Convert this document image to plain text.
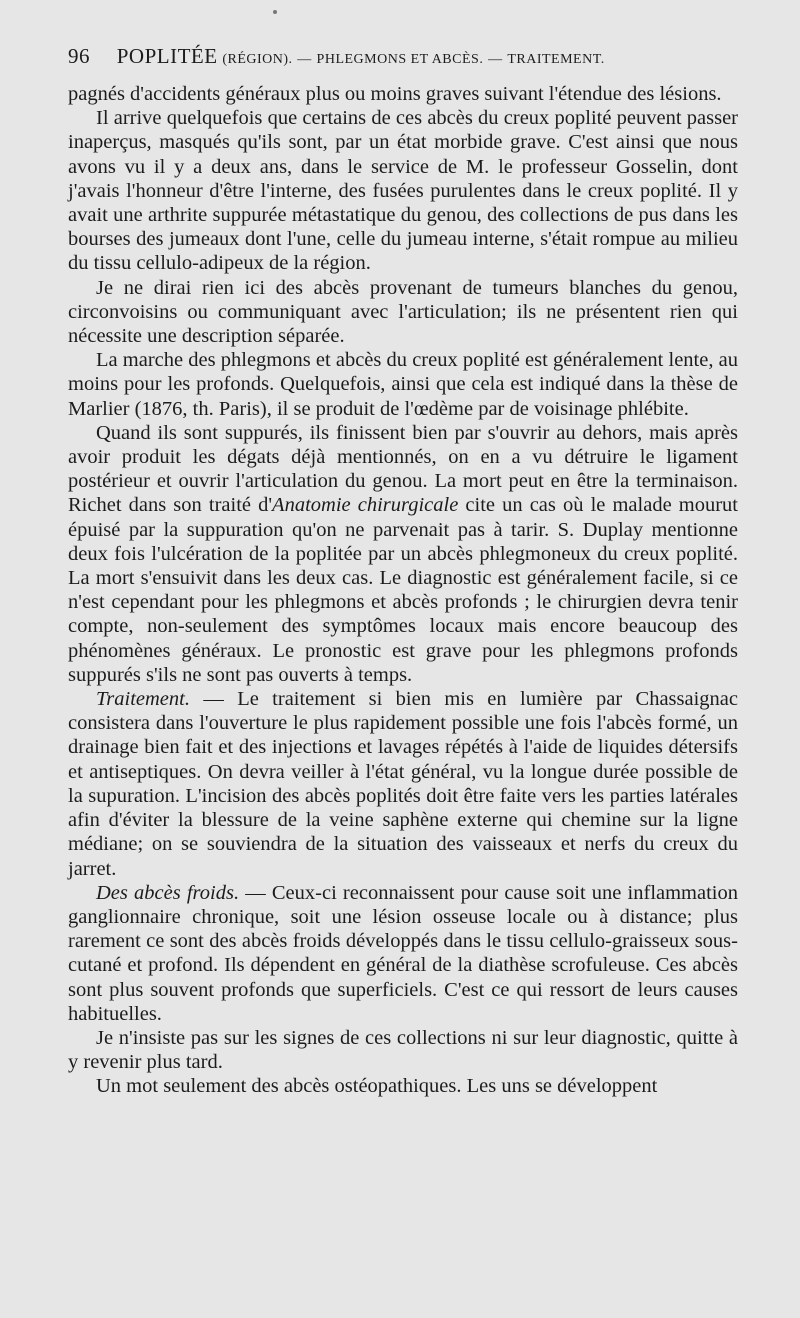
96 POPLITÉE (RÉGION). — PHLEGMONS ET ABCÈS. — TRAITEMENT.

pagnés d'accidents généraux plus ou moins graves suivant l'étendue des lésions.

Il arrive quelquefois que certains de ces abcès du creux poplité peuvent passer inaperçus, masqués qu'ils sont, par un état morbide grave. C'est ainsi que nous avons vu il y a deux ans, dans le service de M. le professeur Gosselin, dont j'avais l'honneur d'être l'interne, des fusées purulentes dans le creux poplité. Il y avait une arthrite suppurée métastatique du genou, des collections de pus dans les bourses des jumeaux dont l'une, celle du jumeau interne, s'était rompue au milieu du tissu cellulo-adipeux de la région.

Je ne dirai rien ici des abcès provenant de tumeurs blanches du genou, circonvoisins ou communiquant avec l'articulation; ils ne présentent rien qui nécessite une description séparée.

La marche des phlegmons et abcès du creux poplité est généralement lente, au moins pour les profonds. Quelquefois, ainsi que cela est indiqué dans la thèse de Marlier (1876, th. Paris), il se produit de l'œdème par de voisinage phlébite.

Quand ils sont suppurés, ils finissent bien par s'ouvrir au dehors, mais après avoir produit les dégats déjà mentionnés, on en a vu détruire le ligament postérieur et ouvrir l'articulation du genou. La mort peut en être la terminaison. Richet dans son traité d'Anatomie chirurgicale cite un cas où le malade mourut épuisé par la suppuration qu'on ne parvenait pas à tarir. S. Duplay mentionne deux fois l'ulcération de la poplitée par un abcès phlegmoneux du creux poplité. La mort s'ensuivit dans les deux cas. Le diagnostic est généralement facile, si ce n'est cependant pour les phlegmons et abcès profonds ; le chirurgien devra tenir compte, non-seulement des symptômes locaux mais encore beaucoup des phénomènes généraux. Le pronostic est grave pour les phlegmons profonds suppurés s'ils ne sont pas ouverts à temps.

Traitement. — Le traitement si bien mis en lumière par Chassaignac consistera dans l'ouverture le plus rapidement possible une fois l'abcès formé, un drainage bien fait et des injections et lavages répétés à l'aide de liquides détersifs et antiseptiques. On devra veiller à l'état général, vu la longue durée possible de la supuration. L'incision des abcès poplités doit être faite vers les parties latérales afin d'éviter la blessure de la veine saphène externe qui chemine sur la ligne médiane; on se souviendra de la situation des vaisseaux et nerfs du creux du jarret.

Des abcès froids. — Ceux-ci reconnaissent pour cause soit une inflammation ganglionnaire chronique, soit une lésion osseuse locale ou à distance; plus rarement ce sont des abcès froids développés dans le tissu cellulo-graisseux sous-cutané et profond. Ils dépendent en général de la diathèse scrofuleuse. Ces abcès sont plus souvent profonds que superficiels. C'est ce qui ressort de leurs causes habituelles.

Je n'insiste pas sur les signes de ces collections ni sur leur diagnostic, quitte à y revenir plus tard.

Un mot seulement des abcès ostéopathiques. Les uns se développent
